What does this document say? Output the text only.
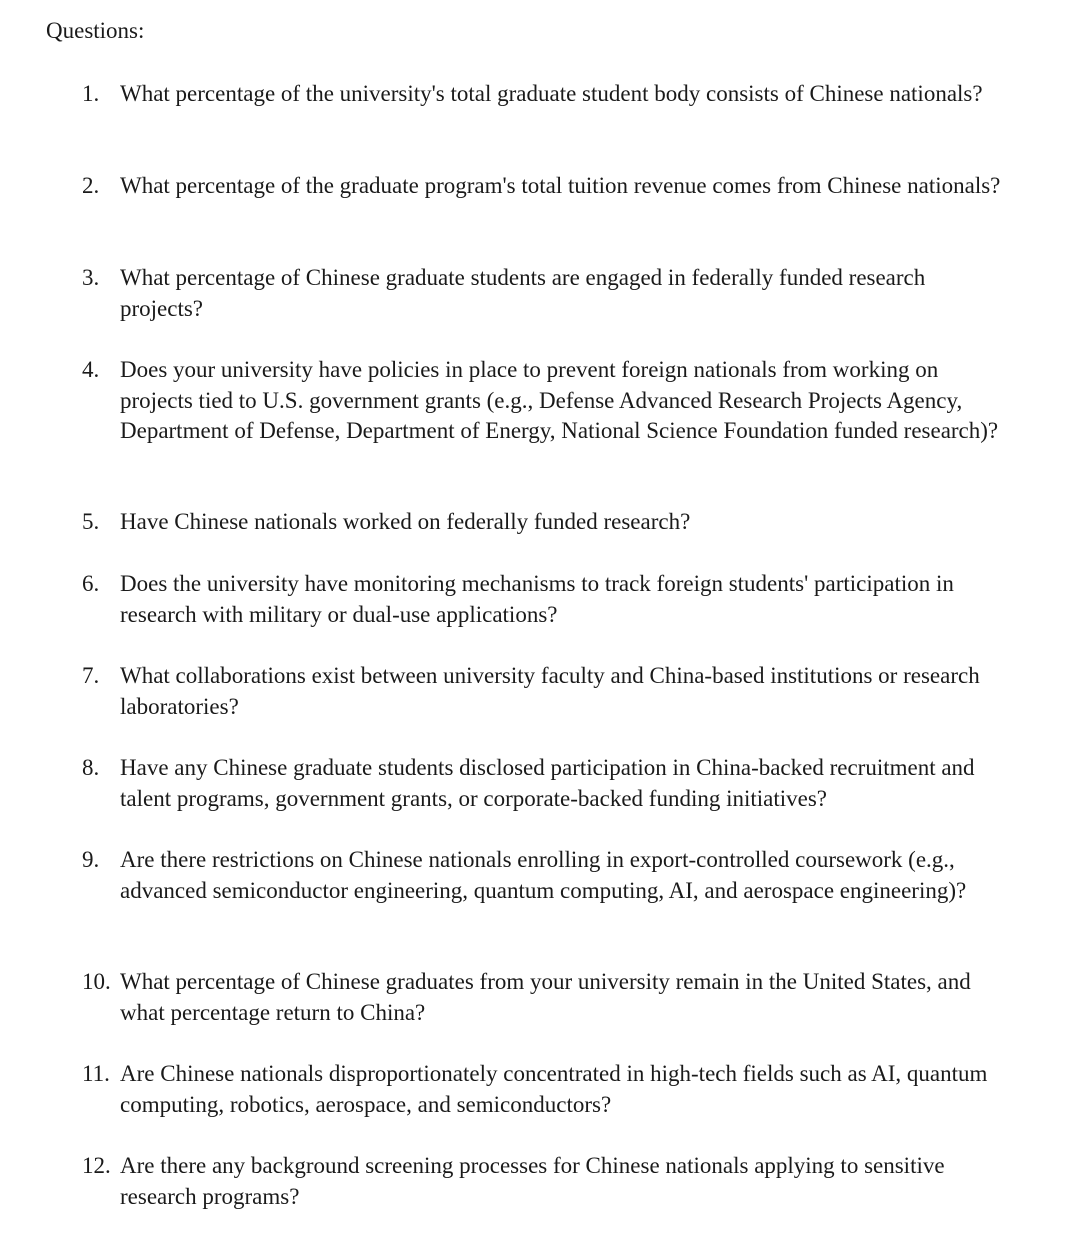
Questions:
1. What percentage of the university's total graduate student body consists of Chinese nationals?
2. What percentage of the graduate program's total tuition revenue comes from Chinese nationals?
3. What percentage of Chinese graduate students are engaged in federally funded research projects?
4. Does your university have policies in place to prevent foreign nationals from working on projects tied to U.S. government grants (e.g., Defense Advanced Research Projects Agency, Department of Defense, Department of Energy, National Science Foundation funded research)?
5. Have Chinese nationals worked on federally funded research?
6. Does the university have monitoring mechanisms to track foreign students' participation in research with military or dual-use applications?
7. What collaborations exist between university faculty and China-based institutions or research laboratories?
8. Have any Chinese graduate students disclosed participation in China-backed recruitment and talent programs, government grants, or corporate-backed funding initiatives?
9. Are there restrictions on Chinese nationals enrolling in export-controlled coursework (e.g., advanced semiconductor engineering, quantum computing, AI, and aerospace engineering)?
10. What percentage of Chinese graduates from your university remain in the United States, and what percentage return to China?
11. Are Chinese nationals disproportionately concentrated in high-tech fields such as AI, quantum computing, robotics, aerospace, and semiconductors?
12. Are there any background screening processes for Chinese nationals applying to sensitive research programs?
